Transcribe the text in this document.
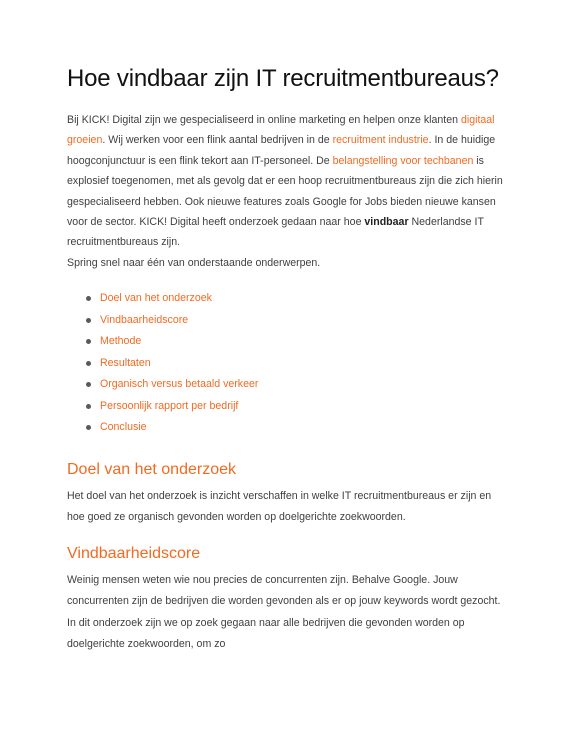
Hoe vindbaar zijn IT recruitmentbureaus?

Bij KICK! Digital zijn we gespecialiseerd in online marketing en helpen onze klanten digitaal groeien. Wij werken voor een flink aantal bedrijven in de recruitment industrie. In de huidige hoogconjunctuur is een flink tekort aan IT-personeel. De belangstelling voor techbanen is explosief toegenomen, met als gevolg dat er een hoop recruitmentbureaus zijn die zich hierin gespecialiseerd hebben. Ook nieuwe features zoals Google for Jobs bieden nieuwe kansen voor de sector. KICK! Digital heeft onderzoek gedaan naar hoe vindbaar Nederlandse IT recruitmentbureaus zijn.
Spring snel naar één van onderstaande onderwerpen.

Doel van het onderzoek
Vindbaarheidscore
Methode
Resultaten
Organisch versus betaald verkeer
Persoonlijk rapport per bedrijf
Conclusie
Doel van het onderzoek

Het doel van het onderzoek is inzicht verschaffen in welke IT recruitmentbureaus er zijn en hoe goed ze organisch gevonden worden op doelgerichte zoekwoorden.

Vindbaarheidscore

Weinig mensen weten wie nou precies de concurrenten zijn. Behalve Google. Jouw concurrenten zijn de bedrijven die worden gevonden als er op jouw keywords wordt gezocht. In dit onderzoek zijn we op zoek gegaan naar alle bedrijven die gevonden worden op doelgerichte zoekwoorden, om zo
